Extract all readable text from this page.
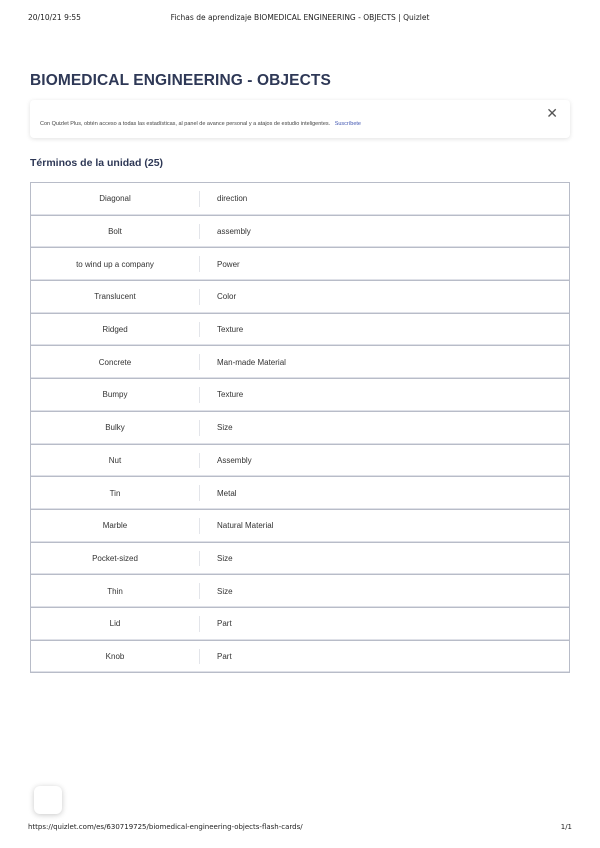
20/10/21 9:55	Fichas de aprendizaje BIOMEDICAL ENGINEERING - OBJECTS | Quizlet
BIOMEDICAL ENGINEERING - OBJECTS
Con Quizlet Plus, obtén acceso a todas las estadísticas, al panel de avance personal y a atajos de estudio inteligentes. Suscríbete
✕
Términos de la unidad (25)
Diagonal	direction
Bolt	assembly
to wind up a company	Power
Translucent	Color
Ridged	Texture
Concrete	Man-made Material
Bumpy	Texture
Bulky	Size
Nut	Assembly
Tin	Metal
Marble	Natural Material
Pocket-sized	Size
Thin	Size
Lid	Part
Knob	Part
https://quizlet.com/es/630719725/biomedical-engineering-objects-flash-cards/	1/1
